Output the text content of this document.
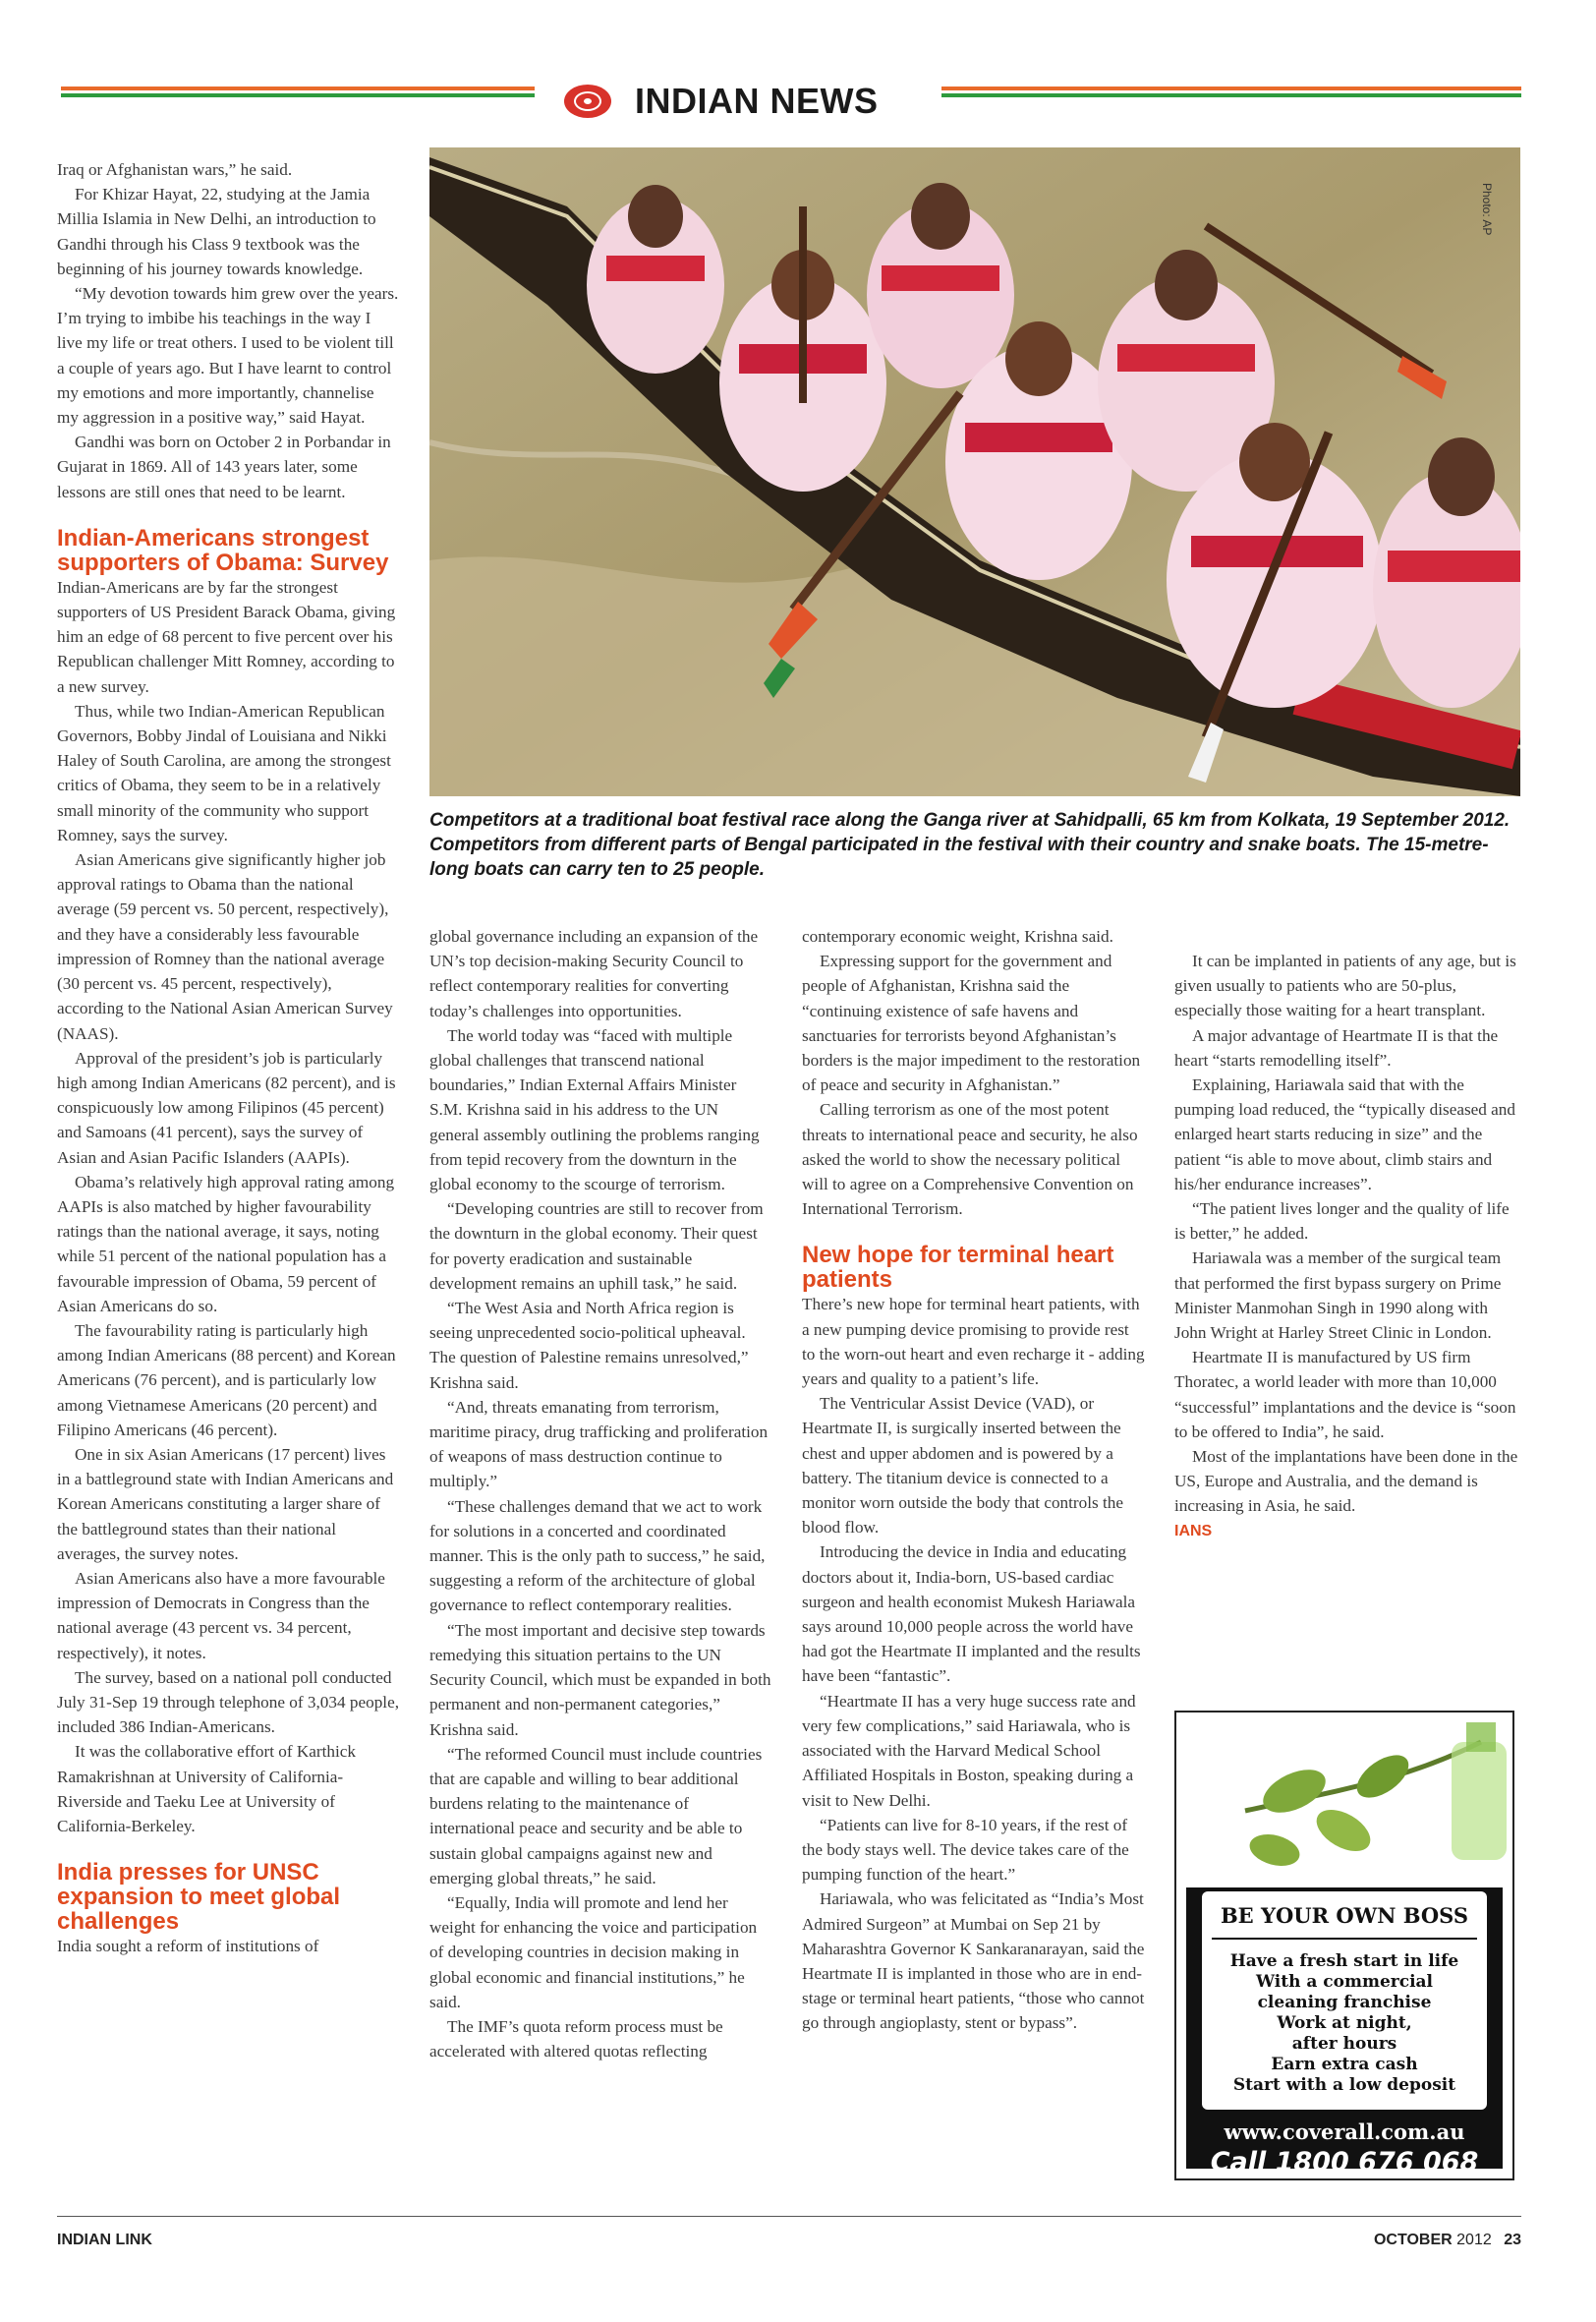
INDIAN NEWS
Photo: AP
Competitors at a traditional boat festival race along the Ganga river at Sahidpalli, 65 km from Kolkata, 19 September 2012. Competitors from different parts of Bengal participated in the festival with their country and snake boats. The 15-metre-long boats can carry ten to 25 people.

Iraq or Afghanistan wars,” he said.

For Khizar Hayat, 22, studying at the Jamia Millia Islamia in New Delhi, an introduction to Gandhi through his Class 9 textbook was the beginning of his journey towards knowledge.

“My devotion towards him grew over the years. I’m trying to imbibe his teachings in the way I live my life or treat others. I used to be violent till a couple of years ago. But I have learnt to control my emotions and more importantly, channelise my aggression in a positive way,” said Hayat.

Gandhi was born on October 2 in Porbandar in Gujarat in 1869. All of 143 years later, some lessons are still ones that need to be learnt.

Indian-Americans strongest supporters of Obama: Survey

Indian-Americans are by far the strongest supporters of US President Barack Obama, giving him an edge of 68 percent to five percent over his Republican challenger Mitt Romney, according to a new survey.

Thus, while two Indian-American Republican Governors, Bobby Jindal of Louisiana and Nikki Haley of South Carolina, are among the strongest critics of Obama, they seem to be in a relatively small minority of the community who support Romney, says the survey.

Asian Americans give significantly higher job approval ratings to Obama than the national average (59 percent vs. 50 percent, respectively), and they have a considerably less favourable impression of Romney than the national average (30 percent vs. 45 percent, respectively), according to the National Asian American Survey (NAAS).

Approval of the president’s job is particularly high among Indian Americans (82 percent), and is conspicuously low among Filipinos (45 percent) and Samoans (41 percent), says the survey of Asian and Asian Pacific Islanders (AAPIs).

Obama’s relatively high approval rating among AAPIs is also matched by higher favourability ratings than the national average, it says, noting while 51 percent of the national population has a favourable impression of Obama, 59 percent of Asian Americans do so.

The favourability rating is particularly high among Indian Americans (88 percent) and Korean Americans (76 percent), and is particularly low among Vietnamese Americans (20 percent) and Filipino Americans (46 percent).

One in six Asian Americans (17 percent) lives in a battleground state with Indian Americans and Korean Americans constituting a larger share of the battleground states than their national averages, the survey notes.

Asian Americans also have a more favourable impression of Democrats in Congress than the national average (43 percent vs. 34 percent, respectively), it notes.

The survey, based on a national poll conducted July 31-Sep 19 through telephone of 3,034 people, included 386 Indian-Americans.

It was the collaborative effort of Karthick Ramakrishnan at University of California-Riverside and Taeku Lee at University of California-Berkeley.

India presses for UNSC expansion to meet global challenges

India sought a reform of institutions of

global governance including an expansion of the UN’s top decision-making Security Council to reflect contemporary realities for converting today’s challenges into opportunities.

The world today was “faced with multiple global challenges that transcend national boundaries,” Indian External Affairs Minister S.M. Krishna said in his address to the UN general assembly outlining the problems ranging from tepid recovery from the downturn in the global economy to the scourge of terrorism.

“Developing countries are still to recover from the downturn in the global economy. Their quest for poverty eradication and sustainable development remains an uphill task,” he said.

“The West Asia and North Africa region is seeing unprecedented socio-political upheaval. The question of Palestine remains unresolved,” Krishna said.

“And, threats emanating from terrorism, maritime piracy, drug trafficking and proliferation of weapons of mass destruction continue to multiply.”

“These challenges demand that we act to work for solutions in a concerted and coordinated manner. This is the only path to success,” he said, suggesting a reform of the architecture of global governance to reflect contemporary realities.

“The most important and decisive step towards remedying this situation pertains to the UN Security Council, which must be expanded in both permanent and non-permanent categories,” Krishna said.

“The reformed Council must include countries that are capable and willing to bear additional burdens relating to the maintenance of international peace and security and be able to sustain global campaigns against new and emerging global threats,” he said.

“Equally, India will promote and lend her weight for enhancing the voice and participation of developing countries in decision making in global economic and financial institutions,” he said.

The IMF’s quota reform process must be accelerated with altered quotas reflecting

contemporary economic weight, Krishna said.

Expressing support for the government and people of Afghanistan, Krishna said the “continuing existence of safe havens and sanctuaries for terrorists beyond Afghanistan’s borders is the major impediment to the restoration of peace and security in Afghanistan.”

Calling terrorism as one of the most potent threats to international peace and security, he also asked the world to show the necessary political will to agree on a Comprehensive Convention on International Terrorism.

New hope for terminal heart patients

There’s new hope for terminal heart patients, with a new pumping device promising to provide rest to the worn-out heart and even recharge it - adding years and quality to a patient’s life.

The Ventricular Assist Device (VAD), or Heartmate II, is surgically inserted between the chest and upper abdomen and is powered by a battery. The titanium device is connected to a monitor worn outside the body that controls the blood flow.

Introducing the device in India and educating doctors about it, India-born, US-based cardiac surgeon and health economist Mukesh Hariawala says around 10,000 people across the world have had got the Heartmate II implanted and the results have been “fantastic”.

“Heartmate II has a very huge success rate and very few complications,” said Hariawala, who is associated with the Harvard Medical School Affiliated Hospitals in Boston, speaking during a visit to New Delhi.

“Patients can live for 8-10 years, if the rest of the body stays well. The device takes care of the pumping function of the heart.”

Hariawala, who was felicitated as “India’s Most Admired Surgeon” at Mumbai on Sep 21 by Maharashtra Governor K Sankaranarayan, said the Heartmate II is implanted in those who are in end-stage or terminal heart patients, “those who cannot go through angioplasty, stent or bypass”.

It can be implanted in patients of any age, but is given usually to patients who are 50-plus, especially those waiting for a heart transplant.

A major advantage of Heartmate II is that the heart “starts remodelling itself”.

Explaining, Hariawala said that with the pumping load reduced, the “typically diseased and enlarged heart starts reducing in size” and the patient “is able to move about, climb stairs and his/her endurance increases”.

“The patient lives longer and the quality of life is better,” he added.

Hariawala was a member of the surgical team that performed the first bypass surgery on Prime Minister Manmohan Singh in 1990 along with John Wright at Harley Street Clinic in London.

Heartmate II is manufactured by US firm Thoratec, a world leader with more than 10,000 “successful” implantations and the device is “soon to be offered to India”, he said.

Most of the implantations have been done in the US, Europe and Australia, and the demand is increasing in Asia, he said.

IANS
BE YOUR OWN BOSS
Have a fresh start in life
With a commercial
cleaning franchise
Work at night,
after hours
Earn extra cash
Start with a low deposit
www.coverall.com.au
Call 1800 676 068
INDIAN LINK	OCTOBER 2012 23
